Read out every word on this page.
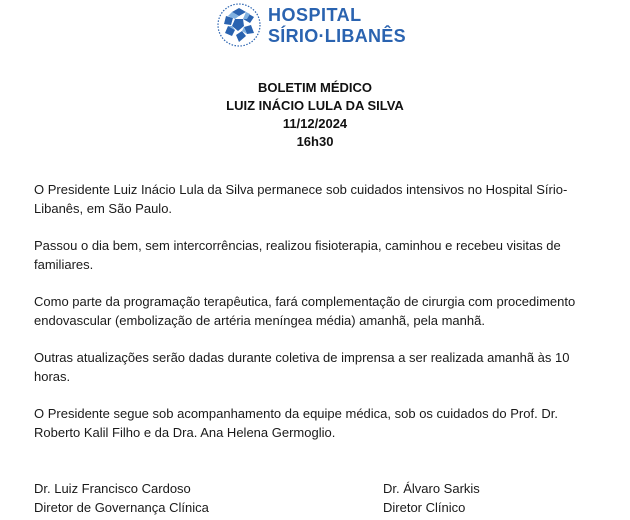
HOSPITAL
SÍRIO·LIBANÊS
BOLETIM MÉDICO
LUIZ INÁCIO LULA DA SILVA
11/12/2024
16h30

O Presidente Luiz Inácio Lula da Silva permanece sob cuidados intensivos no Hospital Sírio-Libanês, em São Paulo.

Passou o dia bem, sem intercorrências, realizou fisioterapia, caminhou e recebeu visitas de familiares.

Como parte da programação terapêutica, fará complementação de cirurgia com procedimento endovascular (embolização de artéria meníngea média) amanhã, pela manhã.

Outras atualizações serão dadas durante coletiva de imprensa a ser realizada amanhã às 10 horas.

O Presidente segue sob acompanhamento da equipe médica, sob os cuidados do Prof. Dr. Roberto Kalil Filho e da Dra. Ana Helena Germoglio.

Dr. Luiz Francisco Cardoso
Diretor de Governança Clínica
Dr. Álvaro Sarkis
Diretor Clínico
